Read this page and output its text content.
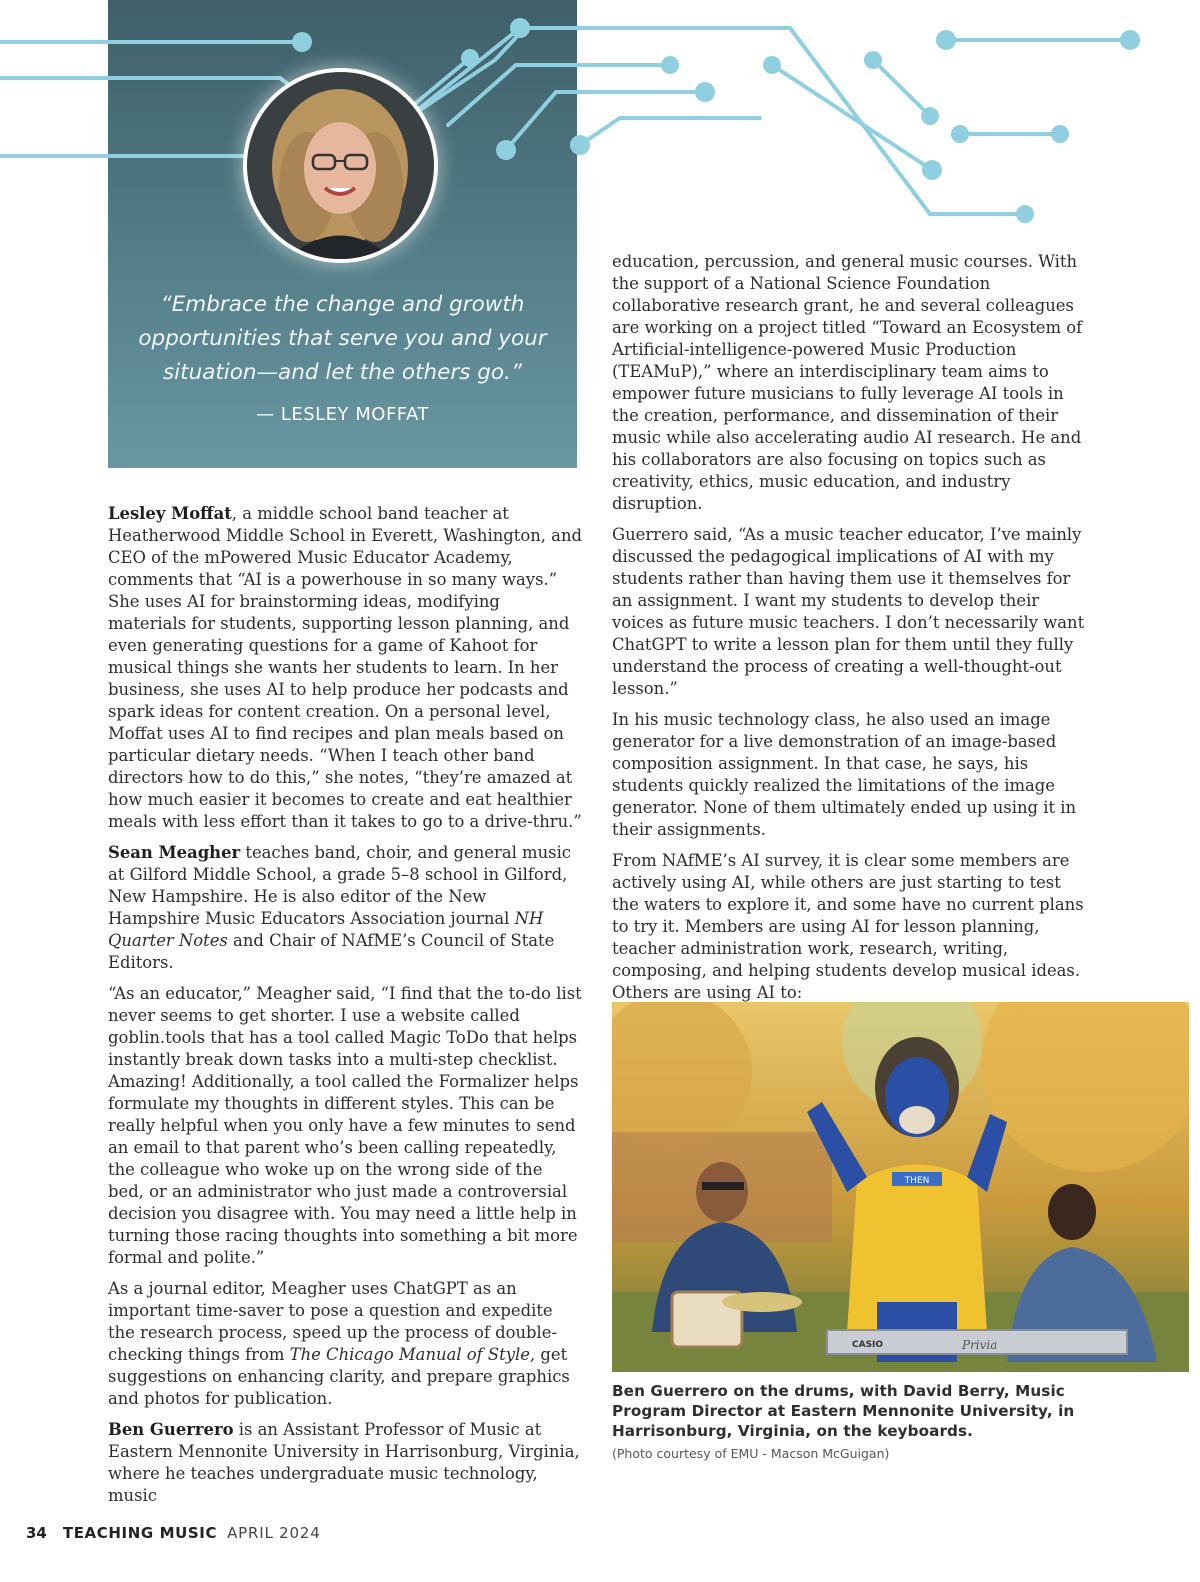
“Embrace the change and growth opportunities that serve you and your situation—and let the others go.”

— LESLEY MOFFAT

Lesley Moffat, a middle school band teacher at Heatherwood Middle School in Everett, Washington, and CEO of the mPowered Music Educator Academy, comments that “AI is a powerhouse in so many ways.” She uses AI for brainstorming ideas, modifying materials for students, supporting lesson planning, and even generating questions for a game of Kahoot for musical things she wants her students to learn. In her business, she uses AI to help produce her podcasts and spark ideas for content creation. On a personal level, Moffat uses AI to find recipes and plan meals based on particular dietary needs. “When I teach other band directors how to do this,” she notes, “they’re amazed at how much easier it becomes to create and eat healthier meals with less effort than it takes to go to a drive-thru.”

Sean Meagher teaches band, choir, and general music at Gilford Middle School, a grade 5–8 school in Gilford, New Hampshire. He is also editor of the New Hampshire Music Educators Association journal NH Quarter Notes and Chair of NAfME’s Council of State Editors.

“As an educator,” Meagher said, “I find that the to-do list never seems to get shorter. I use a website called goblin.tools that has a tool called Magic ToDo that helps instantly break down tasks into a multi-step checklist. Amazing! Additionally, a tool called the Formalizer helps formulate my thoughts in different styles. This can be really helpful when you only have a few minutes to send an email to that parent who’s been calling repeatedly, the colleague who woke up on the wrong side of the bed, or an administrator who just made a controversial decision you disagree with. You may need a little help in turning those racing thoughts into something a bit more formal and polite.”

As a journal editor, Meagher uses ChatGPT as an important time-saver to pose a question and expedite the research process, speed up the process of double-checking things from The Chicago Manual of Style, get suggestions on enhancing clarity, and prepare graphics and photos for publication.

Ben Guerrero is an Assistant Professor of Music at Eastern Mennonite University in Harrisonburg, Virginia, where he teaches undergraduate music technology, music

education, percussion, and general music courses. With the support of a National Science Foundation collaborative research grant, he and several colleagues are working on a project titled “Toward an Ecosystem of Artificial-intelligence-powered Music Production (TEAMuP),” where an interdisciplinary team aims to empower future musicians to fully leverage AI tools in the creation, performance, and dissemination of their music while also accelerating audio AI research. He and his collaborators are also focusing on topics such as creativity, ethics, music education, and industry disruption.

Guerrero said, “As a music teacher educator, I’ve mainly discussed the pedagogical implications of AI with my students rather than having them use it themselves for an assignment. I want my students to develop their voices as future music teachers. I don’t necessarily want ChatGPT to write a lesson plan for them until they fully understand the process of creating a well-thought-out lesson.”

In his music technology class, he also used an image generator for a live demonstration of an image-based composition assignment. In that case, he says, his students quickly realized the limitations of the image generator. None of them ultimately ended up using it in their assignments.

From NAfME’s AI survey, it is clear some members are actively using AI, while others are just starting to test the waters to explore it, and some have no current plans to try it. Members are using AI for lesson planning, teacher administration work, research, writing, composing, and helping students develop musical ideas. Others are using AI to:

THEN
CASIO	Privia
Ben Guerrero on the drums, with David Berry, Music Program Director at Eastern Mennonite University, in Harrisonburg, Virginia, on the keyboards.
(Photo courtesy of EMU - Macson McGuigan)
34 TEACHING MUSIC APRIL 2024
